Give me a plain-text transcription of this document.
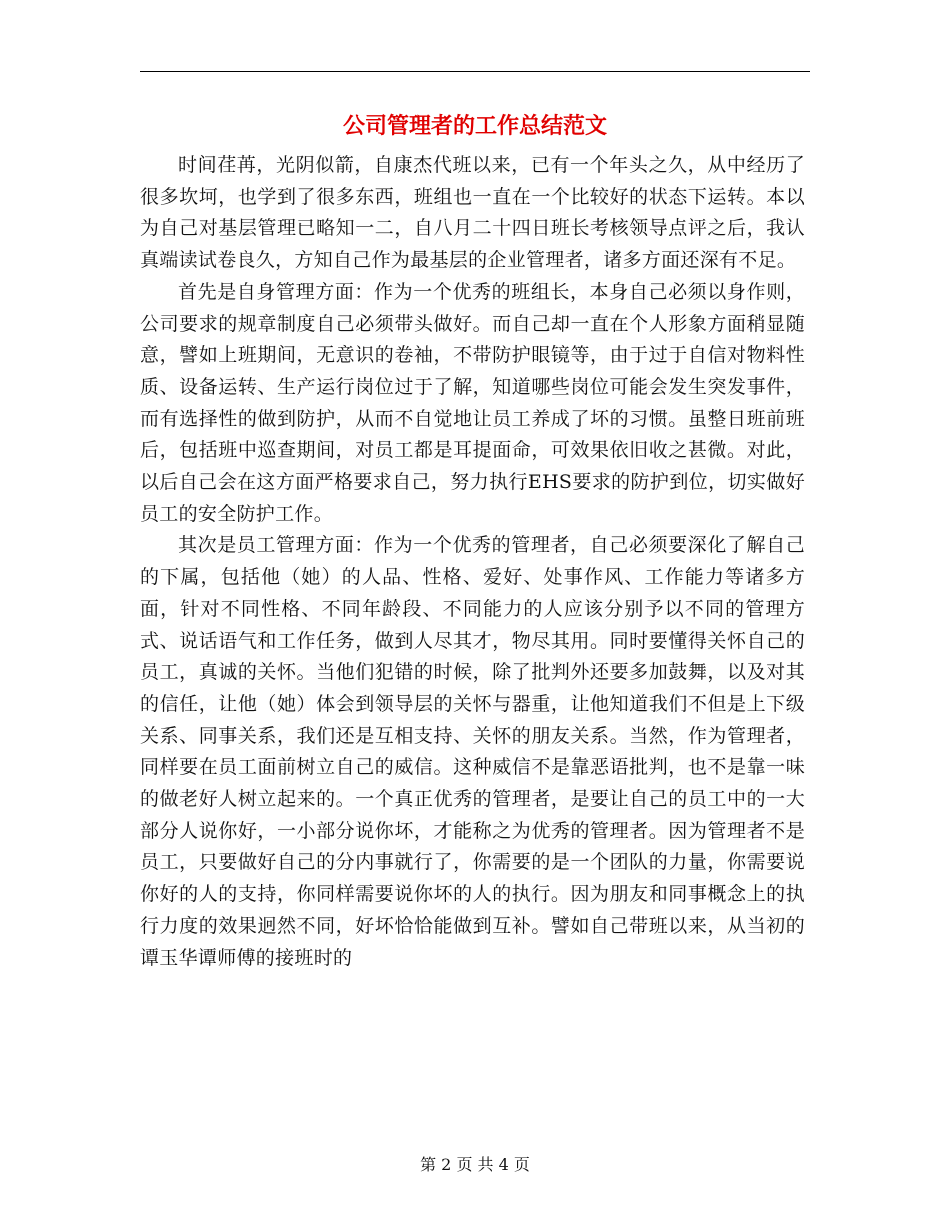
公司管理者的工作总结范文

时间荏苒，光阴似箭，自康杰代班以来，已有一个年头之久，从中经历了很多坎坷，也学到了很多东西，班组也一直在一个比较好的状态下运转。本以为自己对基层管理已略知一二，自八月二十四日班长考核领导点评之后，我认真端读试卷良久，方知自己作为最基层的企业管理者，诸多方面还深有不足。

首先是自身管理方面：作为一个优秀的班组长，本身自己必须以身作则，公司要求的规章制度自己必须带头做好。而自己却一直在个人形象方面稍显随意，譬如上班期间，无意识的卷袖，不带防护眼镜等，由于过于自信对物料性质、设备运转、生产运行岗位过于了解，知道哪些岗位可能会发生突发事件，而有选择性的做到防护，从而不自觉地让员工养成了坏的习惯。虽整日班前班后，包括班中巡查期间，对员工都是耳提面命，可效果依旧收之甚微。对此，以后自己会在这方面严格要求自己，努力执行EHS要求的防护到位，切实做好员工的安全防护工作。

其次是员工管理方面：作为一个优秀的管理者，自己必须要深化了解自己的下属，包括他（她）的人品、性格、爱好、处事作风、工作能力等诸多方面，针对不同性格、不同年龄段、不同能力的人应该分别予以不同的管理方式、说话语气和工作任务，做到人尽其才，物尽其用。同时要懂得关怀自己的员工，真诚的关怀。当他们犯错的时候，除了批判外还要多加鼓舞，以及对其的信任，让他（她）体会到领导层的关怀与器重，让他知道我们不但是上下级关系、同事关系，我们还是互相支持、关怀的朋友关系。当然，作为管理者，同样要在员工面前树立自己的威信。这种威信不是靠恶语批判，也不是靠一味的做老好人树立起来的。一个真正优秀的管理者，是要让自己的员工中的一大部分人说你好，一小部分说你坏，才能称之为优秀的管理者。因为管理者不是员工，只要做好自己的分内事就行了，你需要的是一个团队的力量，你需要说你好的人的支持，你同样需要说你坏的人的执行。因为朋友和同事概念上的执行力度的效果迥然不同，好坏恰恰能做到互补。譬如自己带班以来，从当初的谭玉华谭师傅的接班时的

第 2 页 共 4 页
